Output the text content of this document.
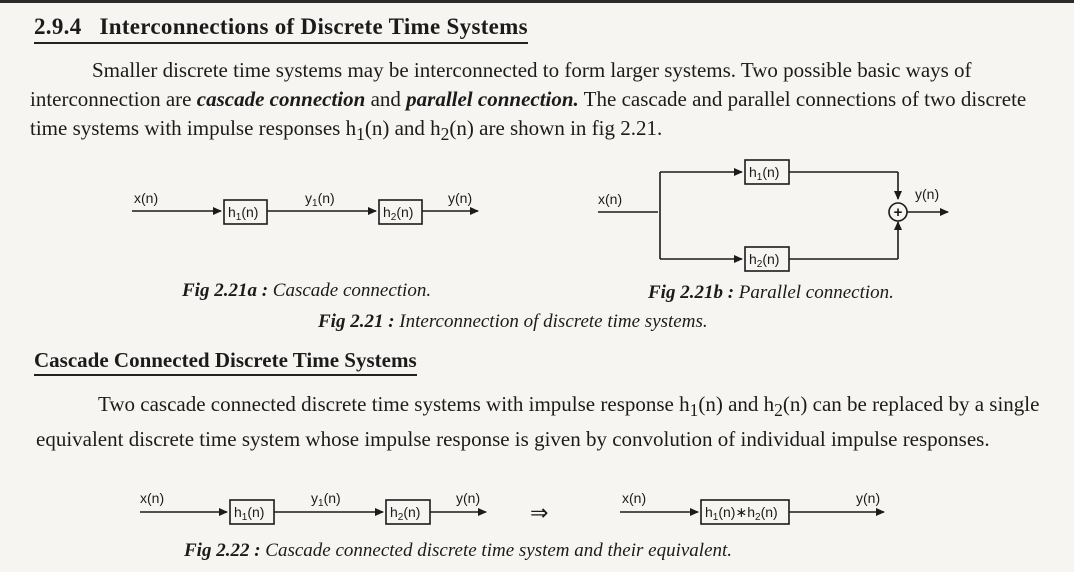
2.9.4 Interconnections of Discrete Time Systems

Smaller discrete time systems may be interconnected to form larger systems. Two possible basic ways of interconnection are cascade connection and parallel connection. The cascade and parallel connections of two discrete time systems with impulse responses $h_1(n)$ and $h_2(n)$ are shown in fig 2.21.

x(n)	$y_1(n)$	y(n)
$h_1(n)$	$h_2(n)$
x(n)	y(n)
$h_1(n)$
$h_2(n)$
+
x(n)	$y_1(n)$	y(n)
$h_1(n)$	$h_2(n)$	⇒
x(n)	y(n)
$h_1(n)∗h_2(n)$
Fig 2.21a : Cascade connection.	Fig 2.21b : Parallel connection.
Fig 2.21 : Interconnection of discrete time systems.
Cascade Connected Discrete Time Systems

Two cascade connected discrete time systems with impulse response $h_1(n)$ and $h_2(n)$ can be replaced by a single equivalent discrete time system whose impulse response is given by convolution of individual impulse responses.

Fig 2.22 : Cascade connected discrete time system and their equivalent.
